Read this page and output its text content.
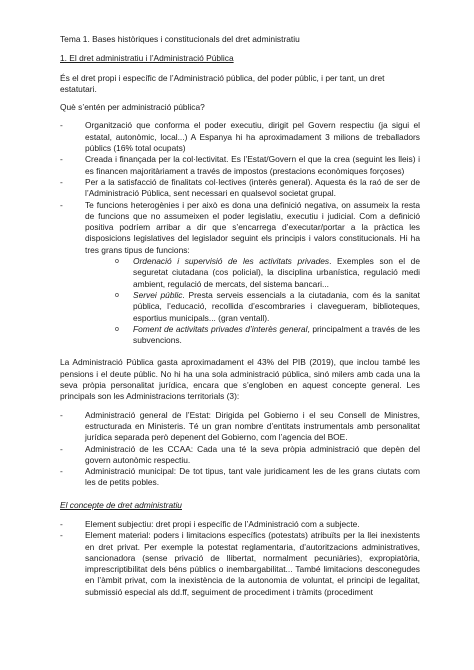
Tema 1. Bases històriques i constitucionals del dret administratiu

1. El dret administratiu i l’Administració Pública

És el dret propi i específic de l’Administració pública, del poder públic, i per tant, un dret estatutari.

Què s’entén per administració pública?

- Organització que conforma el poder executiu, dirigit pel Govern respectiu (ja sigui el estatal, autonòmic, local...) A Espanya hi ha aproximadament 3 milions de treballadors públics (16% total ocupats)
- Creada i finançada per la col·lectivitat. Es l’Estat/Govern el que la crea (seguint les lleis) i es financen majoritàriament a través de impostos (prestacions econòmiques forçoses)
- Per a la satisfacció de finalitats col·lectives (interès general). Aquesta és la raó de ser de l’Administració Pública, sent necessari en qualsevol societat grupal.
- Te funcions heterogènies i per això es dona una definició negativa, on assumeix la resta de funcions que no assumeixen el poder legislatiu, executiu i judicial. Com a definició positiva podríem arribar a dir que s’encarrega d’executar/portar a la pràctica les disposicions legislatives del legislador seguint els principis i valors constitucionals. Hi ha tres grans tipus de funcions:
o Ordenació i supervisió de les activitats privades. Exemples son el de seguretat ciutadana (cos policial), la disciplina urbanística, regulació medi ambient, regulació de mercats, del sistema bancari...
o Servei públic. Presta serveis essencials a la ciutadania, com és la sanitat pública, l’educació, recollida d’escombraries i clavegueram, biblioteques, esportius municipals... (gran ventall).
o Foment de activitats privades d’interès general, principalment a través de les subvencions.

La Administració Pública gasta aproximadament el 43% del PIB (2019), que inclou també les pensions i el deute públic. No hi ha una sola administració pública, sinó milers amb cada una la seva pròpia personalitat jurídica, encara que s’engloben en aquest concepte general. Les principals son les Administracions territorials (3):

- Administració general de l’Estat: Dirigida pel Gobierno i el seu Consell de Ministres, estructurada en Ministeris. Té un gran nombre d’entitats instrumentals amb personalitat jurídica separada però depenent del Gobierno, com l’agencia del BOE.
- Administració de les CCAA: Cada una té la seva pròpia administració que depèn del govern autonòmic respectiu.
- Administració municipal: De tot tipus, tant vale juridicament les de les grans ciutats com les de petits pobles.

El concepte de dret administratiu

- Element subjectiu: dret propi i específic de l’Administració com a subjecte.
- Element material: poders i limitacions específics (potestats) atribuïts per la llei inexistents en dret privat. Per exemple la potestat reglamentaria, d’autoritzacions administratives, sancionadora (sense privació de llibertat, normalment pecuniàries), expropiatòria, imprescriptibilitat dels béns públics o inembargabilitat... També limitacions desconegudes en l’àmbit privat, com la inexistència de la autonomia de voluntat, el principi de legalitat, submissió especial als dd.ff, seguiment de procediment i tràmits (procediment
